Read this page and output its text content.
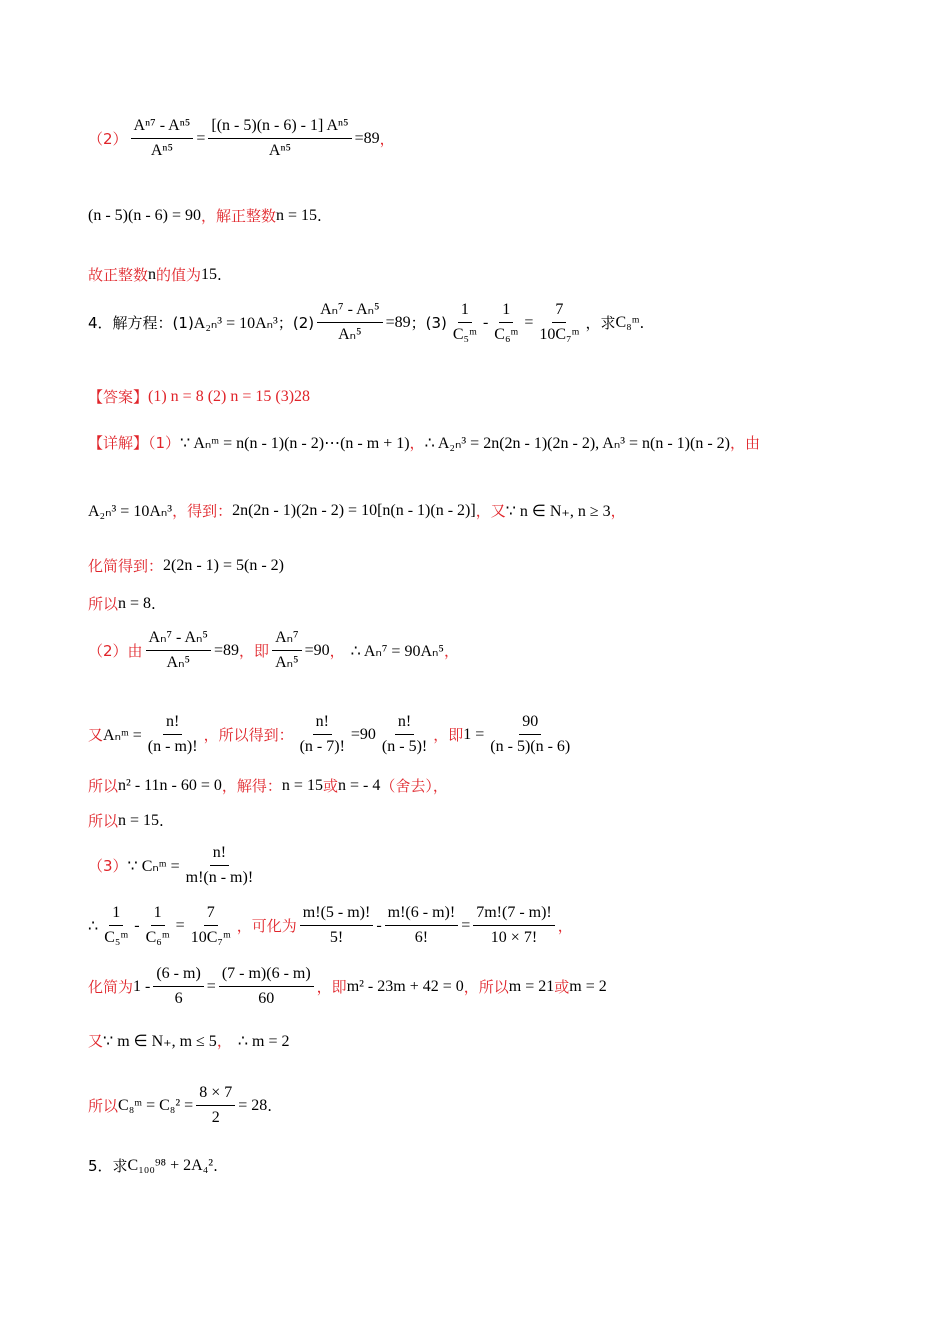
$(2) \frac{\text{Aⁿ⁷ - Aⁿ⁵}}{\text{Aⁿ⁵}} = \frac{\text{[(n - 5)(n - 6) - 1] Aⁿ⁵}}{\text{Aⁿ⁵}} =89$ ，
(n - 5)(n - 6) = 90 ，解正整数 n = 15 .
故正整数 n 的值为 15 .
4．解方程：(1) A₂ₙ³ = 10Aₙ³ ；$(2) \frac{\text{Aₙ⁷ - Aₙ⁵}}{\text{Aₙ⁵}} =89$ ；$(3) \frac{1}{\text{C₅ᵐ}} - \frac{1}{\text{C₆ᵐ}} = \frac{7}{\text{10C₇ᵐ}}$ ，求 C₈ᵐ .
【答案】 (1) n = 8 (2) n = 15 (3)28
【详解】（1） ∵ Aₙᵐ = n(n - 1)(n - 2)⋯(n - m + 1) ， ∴ A₂ₙ³ = 2n(2n - 1)(2n - 2), Aₙ³ = n(n - 1)(n - 2) ，由
A₂ₙ³ = 10Aₙ³ ，得到： 2n(2n - 1)(2n - 2) = 10[n(n - 1)(n - 2)] ，又 ∵ n ∈ N₊, n ≥ 3 ，
化简得到： 2(2n - 1) = 5(n - 2)
所以 n = 8 .
（2）由 $\frac{\text{Aₙ⁷ - Aₙ⁵}}{\text{Aₙ⁵}} =89$ ，即 $\frac{\text{Aₙ⁷}}{\text{Aₙ⁵}} =90$ ， ∴ Aₙ⁷ = 90Aₙ⁵ ，
又 Aₙᵐ = $\frac{n!}{(n - m)!}$ ，所以得到： $\frac{n!}{(n - 7)!} =90 \frac{n!}{(n - 5)!}$ ，即 $1 = \frac{90}{(n - 5)(n - 6)}$
所以 n² - 11n - 60 = 0 ，解得： n = 15 或 n = - 4 （舍去），
所以 n = 15 .
（3） ∵ Cₙᵐ = $\frac{n!}{m!(n - m)!}$
∴ $\frac{1}{\text{C₅ᵐ}} - \frac{1}{\text{C₆ᵐ}} = \frac{7}{\text{10C₇ᵐ}}$ ，可化为 $\frac{m!(5 - m)!}{5!} - \frac{m!(6 - m)!}{6!} = \frac{7m!(7 - m)!}{10 \times 7!}$ ，
化简为 $1 - \frac{(6 - m)}{6} = \frac{(7 - m)(6 - m)}{60}$ ，即 m² - 23m + 42 = 0 ，所以 m = 21 或 m = 2
又 ∵ m ∈ N₊, m ≤ 5 ， ∴ m = 2
所以 C₈ᵐ = $C_8^2 = \frac{8 \times 7}{2} = 28$ .
5．求 C₁₀₀⁹⁸ + 2A₄² .
